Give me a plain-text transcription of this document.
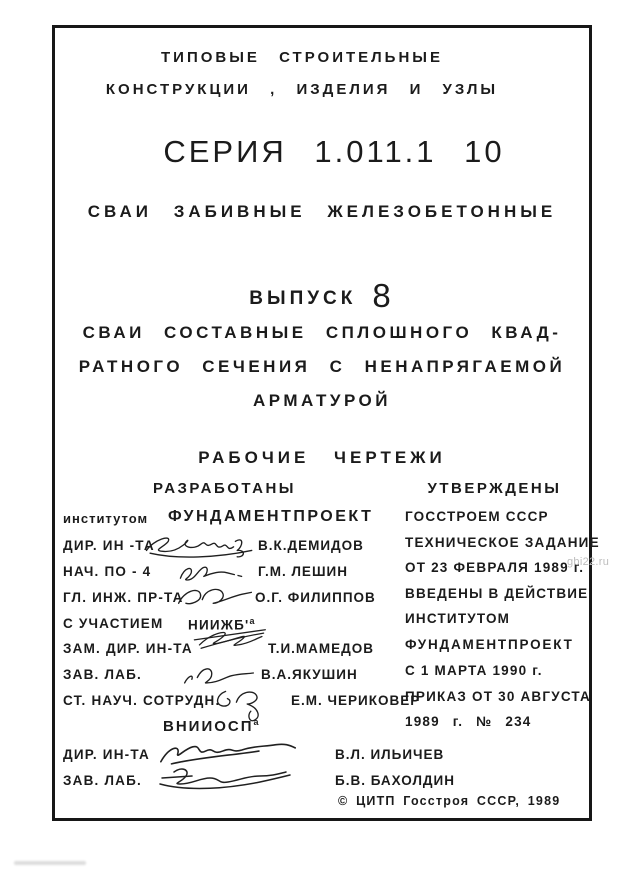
ТИПОВЫЕ СТРОИТЕЛЬНЫЕ
КОНСТРУКЦИИ , ИЗДЕЛИЯ И УЗЛЫ
СЕРИЯ 1.011.1 10
СВАИ ЗАБИВНЫЕ ЖЕЛЕЗОБЕТОННЫЕ
ВЫПУСК 8
СВАИ СОСТАВНЫЕ СПЛОШНОГО КВАД-
РАТНОГО СЕЧЕНИЯ С НЕНАПРЯГАЕМОЙ
АРМАТУРОЙ
РАБОЧИЕ ЧЕРТЕЖИ
РАЗРАБОТАНЫ	УТВЕРЖДЕНЫ
институтом ФУНДАМЕНТПРОЕКТ
ДИР. ИН -ТА	В.К.ДЕМИДОВ
НАЧ. ПО - 4	Г.М. ЛЕШИН
ГЛ. ИНЖ. ПР-ТА	О.Г. ФИЛИППОВ
С УЧАСТИЕМ $НИИЖБ'^а$
ЗАМ. ДИР. ИН-ТА	Т.И.МАМЕДОВ
ЗАВ. ЛАБ.	В.А.ЯКУШИН
СТ. НАУЧ. СОТРУДН.	Е.М. ЧЕРИКОВЕР
$ВНИИОСП^а$
ДИР. ИН-ТА	В.Л. ИЛЬИЧЕВ
ЗАВ. ЛАБ.	Б.В. БАХОЛДИН
ГОССТРОЕМ СССР
ТЕХНИЧЕСКОЕ ЗАДАНИЕ
ОТ 23 ФЕВРАЛЯ 1989 г.
ВВЕДЕНЫ В ДЕЙСТВИЕ
ИНСТИТУТОМ
ФУНДАМЕНТПРОЕКТ
С 1 МАРТА 1990 г.
ПРИКАЗ ОТ 30 АВГУСТА
1989 г. № 234
© ЦИТП Госстроя СССР, 1989
gbi22.ru
